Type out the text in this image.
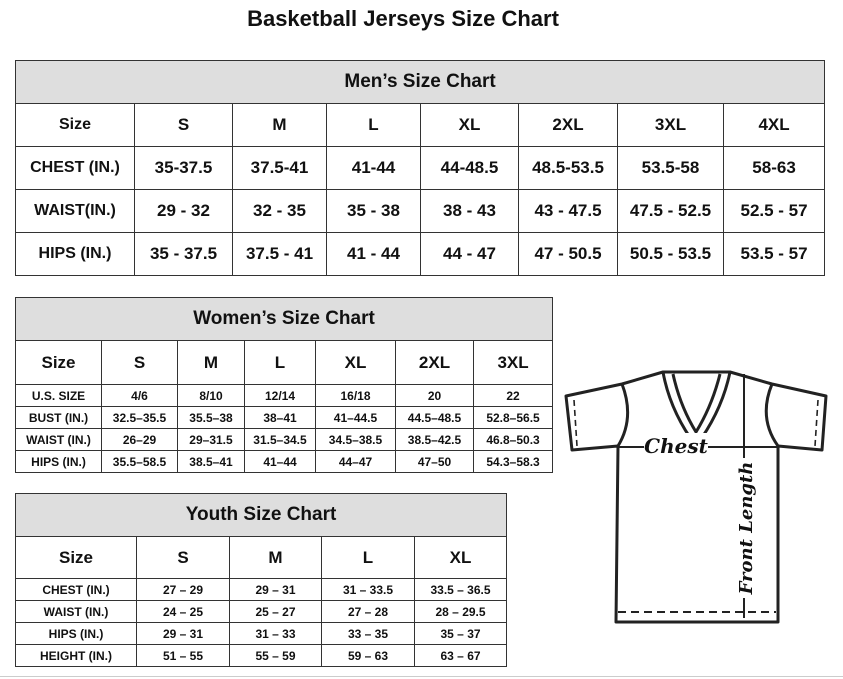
Basketball Jerseys Size Chart
Men’s Size Chart							
Size	S	M	L	XL	2XL	3XL	4XL
CHEST (IN.)	35-37.5	37.5-41	41-44	44-48.5	48.5-53.5	53.5-58	58-63
WAIST(IN.)	29 - 32	32 - 35	35 - 38	38 - 43	43 - 47.5	47.5 - 52.5	52.5 - 57
HIPS (IN.)	35 - 37.5	37.5 - 41	41 - 44	44 - 47	47 - 50.5	50.5 - 53.5	53.5 - 57
Women’s Size Chart						
Size	S	M	L	XL	2XL	3XL
U.S. SIZE	4/6	8/10	12/14	16/18	20	22
BUST (IN.)	32.5–35.5	35.5–38	38–41	41–44.5	44.5–48.5	52.8–56.5
WAIST (IN.)	26–29	29–31.5	31.5–34.5	34.5–38.5	38.5–42.5	46.8–50.3
HIPS (IN.)	35.5–58.5	38.5–41	41–44	44–47	47–50	54.3–58.3
Youth Size Chart				
Size	S	M	L	XL
CHEST (IN.)	27 – 29	29 – 31	31 – 33.5	33.5 – 36.5
WAIST (IN.)	24 – 25	25 – 27	27 – 28	28 – 29.5
HIPS (IN.)	29 – 31	31 – 33	33 – 35	35 – 37
HEIGHT (IN.)	51 – 55	55 – 59	59 – 63	63 – 67
Chest
Front Length
